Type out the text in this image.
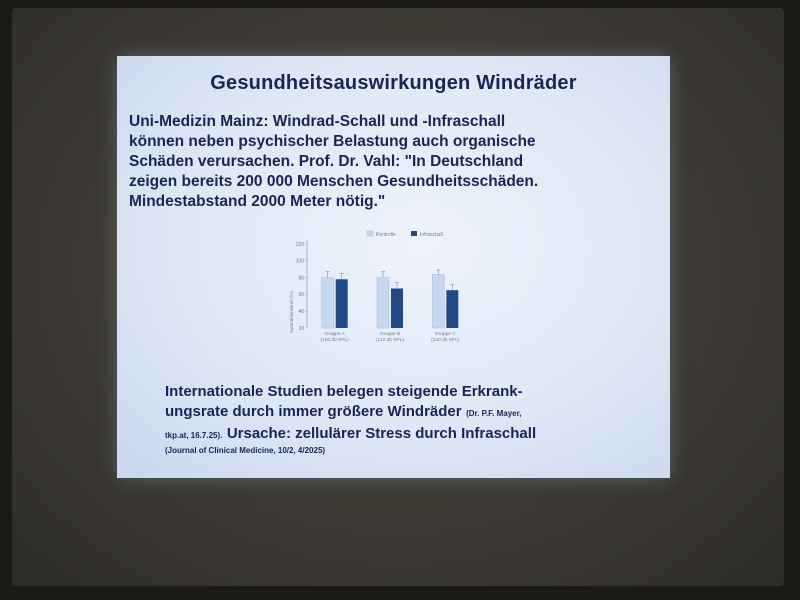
Gesundheitsauswirkungen Windräder
Uni-Medizin Mainz: Windrad-Schall und -Infraschall
können neben psychischer Belastung auch organische
Schäden verursachen. Prof. Dr. Vahl: "In Deutschland
zeigen bereits 200 000 Menschen Gesundheitsschäden.
Mindestabstand 2000 Meter nötig."
Kontrolle	Infraschall
Kontraktionskraft (%) 20
40
60
80
100
120
Gruppe A
(100 db SPL)
Gruppe B
(110 db SPL)
Gruppe C
(120 db SPL)
Internationale Studien belegen steigende Erkrank-
ungsrate durch immer größere Windräder (Dr. P.F. Mayer,
tkp.at, 16.7.25). Ursache: zellulärer Stress durch Infraschall
(Journal of Clinical Medicine, 10/2, 4/2025)
